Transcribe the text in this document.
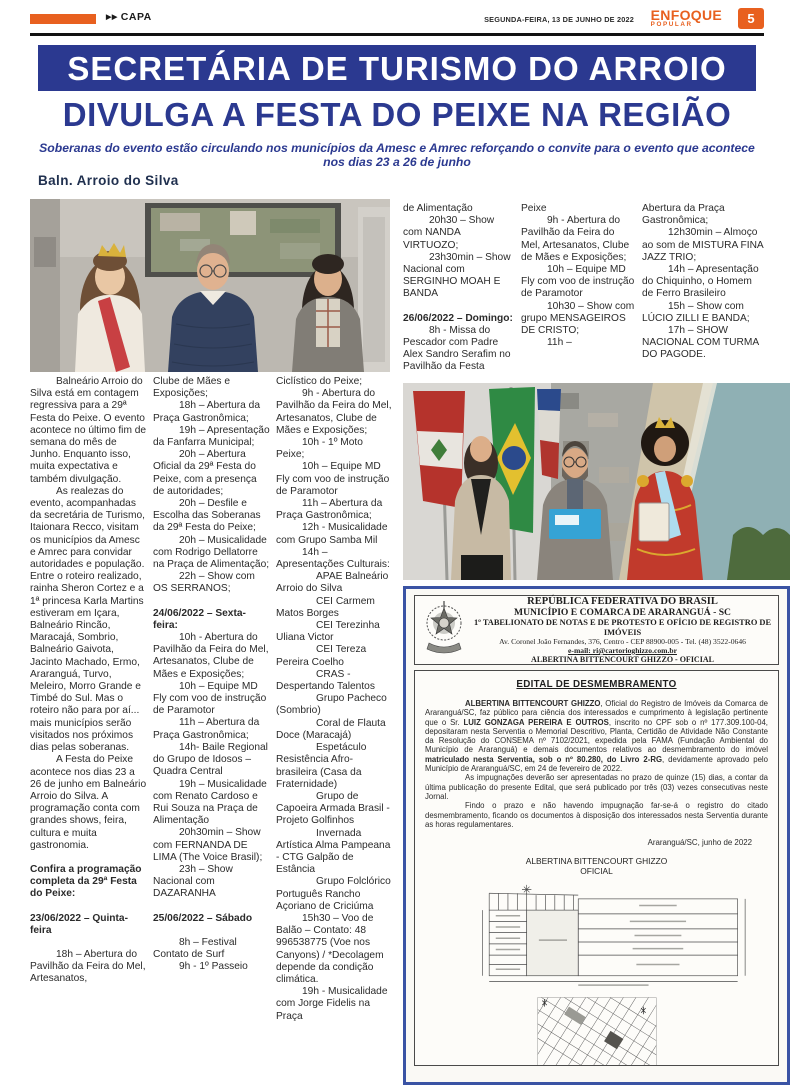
▶▶ CAPA	SEGUNDA-FEIRA, 13 DE JUNHO DE 2022 ENFOQUE
POPULAR	5
SECRETÁRIA DE TURISMO DO ARROIO
DIVULGA A FESTA DO PEIXE NA REGIÃO
Soberanas do evento estão circulando nos municípios da Amesc e Amrec reforçando o convite para o evento que acontece nos dias 23 a 26 de junho
Baln. Arroio do Silva

Balneário Arroio do Silva está em contagem regressiva para a 29ª Festa do Peixe. O evento acontece no último fim de semana do mês de Junho. Enquanto isso, muita expectativa e também divulgação.

As realezas do evento, acompanhadas da secretária de Turismo, Itaionara Recco, visitam os municípios da Amesc e Amrec para convidar autoridades e população. Entre o roteiro realizado, rainha Sheron Cortez e a 1ª princesa Karla Martins estiveram em Içara, Balneário Rincão, Maracajá, Sombrio, Balneário Gaivota, Jacinto Machado, Ermo, Araranguá, Turvo, Meleiro, Morro Grande e Timbé do Sul. Mas o roteiro não para por aí... mais municípios serão visitados nos próximos dias pelas soberanas.

A Festa do Peixe acontece nos dias 23 a 26 de junho em Balneário Arroio do Silva. A programação conta com grandes shows, feira, cultura e muita gastronomia.

Confira a programação completa da 29ª Festa do Peixe:

23/06/2022 – Quinta-feira

18h – Abertura do Pavilhão da Feira do Mel, Artesanatos,

Clube de Mães e Exposições;

18h – Abertura da Praça Gastronômica;

19h – Apresentação da Fanfarra Municipal;

20h – Abertura Oficial da 29ª Festa do Peixe, com a presença de autoridades;

20h – Desfile e Escolha das Soberanas da 29ª Festa do Peixe;

20h – Musicalidade com Rodrigo Dellatorre na Praça de Alimentação;

22h – Show com OS SERRANOS;

24/06/2022 – Sexta-feira:

10h - Abertura do Pavilhão da Feira do Mel, Artesanatos, Clube de Mães e Exposições;

10h – Equipe MD Fly com voo de instrução de Paramotor

11h – Abertura da Praça Gastronômica;

14h- Baile Regional do Grupo de Idosos – Quadra Central

19h – Musicalidade com Renato Cardoso e Rui Souza na Praça de Alimentação

20h30min – Show com FERNANDA DE LIMA (The Voice Brasil);

23h – Show Nacional com DAZARANHA

25/06/2022 – Sábado

8h – Festival Contato de Surf

9h - 1º Passeio

Ciclístico do Peixe;

9h - Abertura do Pavilhão da Feira do Mel, Artesanatos, Clube de Mães e Exposições;

10h - 1º Moto Peixe;

10h – Equipe MD Fly com voo de instrução de Paramotor

11h – Abertura da Praça Gastronômica;

12h - Musicalidade com Grupo Samba Mil

14h – Apresentações Culturais:

APAE Balneário Arroio do Silva

CEI Carmem Matos Borges

CEI Terezinha Uliana Victor

CEI Tereza Pereira Coelho

CRAS - Despertando Talentos

Grupo Pacheco (Sombrio)

Coral de Flauta Doce (Maracajá)

Espetáculo Resistência Afro-brasileira (Casa da Fraternidade)

Grupo de Capoeira Armada Brasil - Projeto Golfinhos

Invernada Artística Alma Pampeana - CTG Galpão de Estância

Grupo Folclórico Português Rancho Açoriano de Criciúma

15h30 – Voo de Balão – Contato: 48 996538775 (Voe nos Canyons) / *Decolagem depende da condição climática.

19h - Musicalidade com Jorge Fidelis na Praça

de Alimentação

20h30 – Show com NANDA VIRTUOZO;

23h30min – Show Nacional com SERGINHO MOAH E BANDA

26/06/2022 – Domingo:

8h - Missa do Pescador com Padre Alex Sandro Serafim no Pavilhão da Festa

Peixe

9h - Abertura do Pavilhão da Feira do Mel, Artesanatos, Clube de Mães e Exposições;

10h – Equipe MD Fly com voo de instrução de Paramotor

10h30 – Show com grupo MENSAGEIROS DE CRISTO;

11h –

Abertura da Praça Gastronômica;

12h30min – Almoço ao som de MISTURA FINA JAZZ TRIO;

14h – Apresentação do Chiquinho, o Homem de Ferro Brasileiro

15h – Show com LÚCIO ZILLI E BANDA;

17h – SHOW NACIONAL COM TURMA DO PAGODE.

REPÚBLICA FEDERATIVA DO BRASIL

MUNICÍPIO E COMARCA DE ARARANGUÁ - SC

1º TABELIONATO DE NOTAS E DE PROTESTO E OFÍCIO DE REGISTRO DE IMÓVEIS

Av. Coronel João Fernandes, 376, Centro - CEP 88900-005 - Tel. (48) 3522-0646

e-mail: ri@cartorioghizzo.com.br

ALBERTINA BITTENCOURT GHIZZO - OFICIAL

EDITAL DE DESMEMBRAMENTO

ALBERTINA BITTENCOURT GHIZZO, Oficial do Registro de Imóveis da Comarca de Araranguá/SC, faz público para ciência dos interessados e cumprimento à legislação pertinente que o Sr. LUIZ GONZAGA PEREIRA E OUTROS, inscrito no CPF sob o nº 177.309.100-04, depositaram nesta Serventia o Memorial Descritivo, Planta, Certidão de Atividade Não Constante da Resolução do CONSEMA nº 7102/2021, expedida pela FAMA (Fundação Ambiental do Município de Araranguá) e demais documentos relativos ao desmembramento do imóvel matriculado nesta Serventia, sob o nº 80.280, do Livro 2-RG, devidamente aprovado pelo Município de Araranguá/SC, em 24 de fevereiro de 2022.

As impugnações deverão ser apresentadas no prazo de quinze (15) dias, a contar da última publicação do presente Edital, que será publicado por três (03) vezes consecutivas neste Jornal.

Findo o prazo e não havendo impugnação far-se-á o registro do citado desmembramento, ficando os documentos à disposição dos interessados nesta Serventia durante as horas regulamentares.

Araranguá/SC, junho de 2022
ALBERTINA BITTENCOURT GHIZZO
OFICIAL
